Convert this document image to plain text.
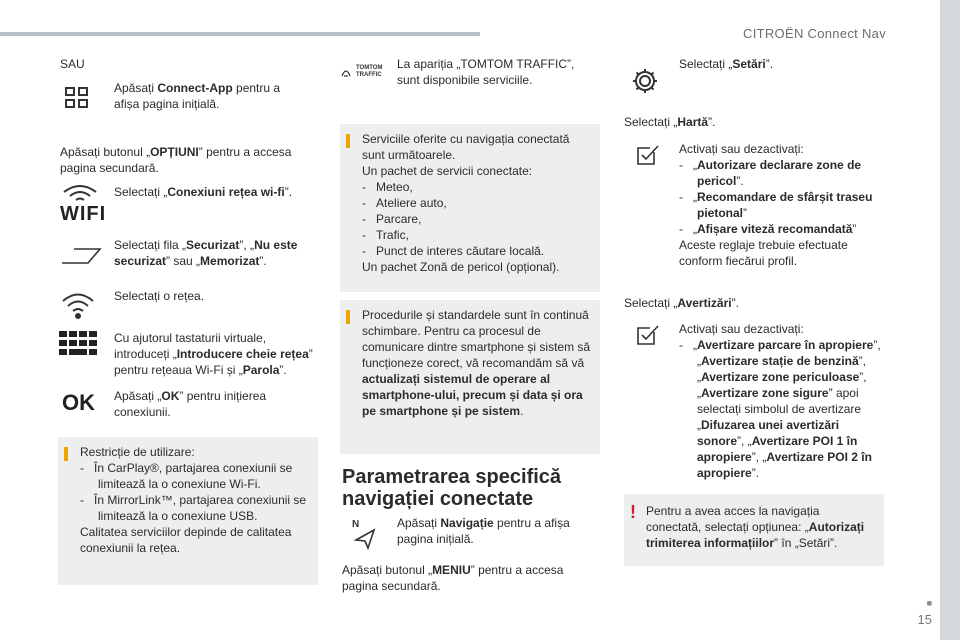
CITROËN Connect Nav
■
15
SAU
Apăsați Connect-App pentru a afișa pagina inițială.
Apăsați butonul „OPȚIUNI” pentru a accesa pagina secundară.
WIFI
Selectați „Conexiuni rețea wi-fi”.
Selectați fila „Securizat”, „Nu este securizat” sau „Memorizat”.
Selectați o rețea.
Cu ajutorul tastaturii virtuale, introduceți „Introducere cheie rețea” pentru rețeaua Wi-Fi și „Parola”.
OK Apăsați „OK” pentru inițierea conexiunii.
Restricție de utilizare:
- În CarPlay®, partajarea conexiunii se limitează la o conexiune Wi-Fi.
- În MirrorLink™, partajarea conexiunii se limitează la o conexiune USB.
Calitatea serviciilor depinde de calitatea conexiunii la rețea.
TOMTOM TRAFFIC
La apariția „TOMTOM TRAFFIC”, sunt disponibile serviciile.
Serviciile oferite cu navigația conectată sunt următoarele.
Un pachet de servicii conectate:
- Meteo,
- Ateliere auto,
- Parcare,
- Trafic,
- Punct de interes căutare locală.
Un pachet Zonă de pericol (opțional).
Procedurile și standardele sunt în continuă schimbare. Pentru ca procesul de comunicare dintre smartphone și sistem să funcționeze corect, vă recomandăm să vă actualizați sistemul de operare al smartphone-ului, precum și data și ora pe smartphone și pe sistem.
Parametrarea specifică
navigației conectate
N	Apăsați Navigație pentru a afișa pagina inițială.
Apăsați butonul „MENIU” pentru a accesa pagina secundară.
Selectați „Setări”.
Selectați „Hartă”.
Activați sau dezactivați:
- „Autorizare declarare zone de pericol”.
- „Recomandare de sfârșit traseu pietonal”
- „Afișare viteză recomandată”
Aceste reglaje trebuie efectuate conform fiecărui profil.
Selectați „Avertizări”.
Activați sau dezactivați:
- „Avertizare parcare în apropiere”, „Avertizare stație de benzină”, „Avertizare zone periculoase”, „Avertizare zone sigure” apoi selectați simbolul de avertizare „Difuzarea unei avertizări sonore”, „Avertizare POI 1 în apropiere”, „Avertizare POI 2 în apropiere”.
! Pentru a avea acces la navigația conectată, selectați opțiunea: „Autorizați trimiterea informațiilor” în „Setări”.
